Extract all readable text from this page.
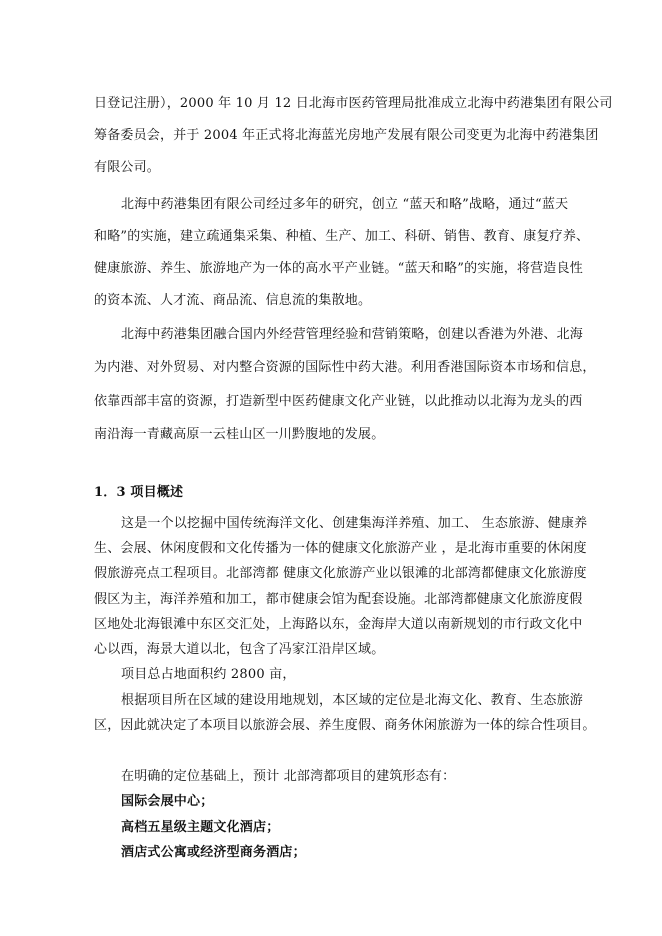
日登记注册），2000 年 10 月 12 日北海市医药管理局批准成立北海中药港集团有限公司
筹备委员会，并于 2004 年正式将北海蓝光房地产发展有限公司变更为北海中药港集团
有限公司。
北海中药港集团有限公司经过多年的研究，创立 “蓝天和略”战略，通过“蓝天
和略”的实施，建立疏通集采集、种植、生产、加工、科研、销售、教育、康复疗养、
健康旅游、养生、旅游地产为一体的高水平产业链。“蓝天和略”的实施，将营造良性
的资本流、人才流、商品流、信息流的集散地。
北海中药港集团融合国内外经营管理经验和营销策略，创建以香港为外港、北海
为内港、对外贸易、对内整合资源的国际性中药大港。利用香港国际资本市场和信息，
依靠西部丰富的资源，打造新型中医药健康文化产业链，以此推动以北海为龙头的西
南沿海一青藏高原一云桂山区一川黔腹地的发展。
1．3 项目概述
这是一个以挖掘中国传统海洋文化、创建集海洋养殖、加工、 生态旅游、健康养
生、会展、休闲度假和文化传播为一体的健康文化旅游产业 ，是北海市重要的休闲度
假旅游亮点工程项目。北部湾都 健康文化旅游产业以银滩的北部湾都健康文化旅游度
假区为主，海洋养殖和加工，都市健康会馆为配套设施。北部湾都健康文化旅游度假
区地处北海银滩中东区交汇处，上海路以东，金海岸大道以南新规划的市行政文化中
心以西，海景大道以北，包含了冯家江沿岸区域。
项目总占地面积约 2800 亩，
根据项目所在区域的建设用地规划，本区域的定位是北海文化、教育、生态旅游
区，因此就决定了本项目以旅游会展、养生度假、商务休闲旅游为一体的综合性项目。
在明确的定位基础上，预计 北部湾都项目的建筑形态有：
国际会展中心；
高档五星级主题文化酒店；
酒店式公寓或经济型商务酒店；
